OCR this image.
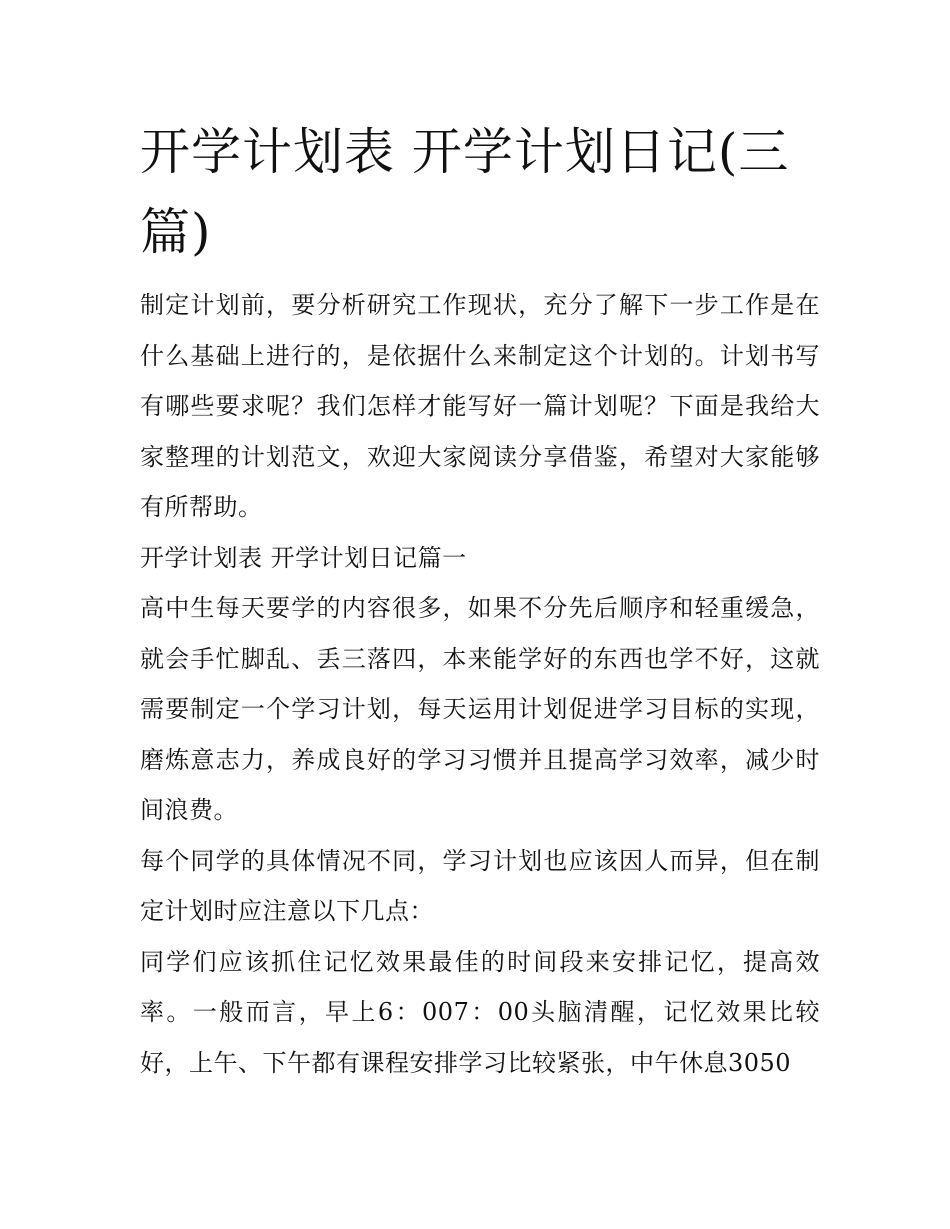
开学计划表 开学计划日记(三篇)

制定计划前，要分析研究工作现状，充分了解下一步工作是在什么基础上进行的，是依据什么来制定这个计划的。计划书写有哪些要求呢？我们怎样才能写好一篇计划呢？下面是我给大家整理的计划范文，欢迎大家阅读分享借鉴，希望对大家能够有所帮助。

开学计划表 开学计划日记篇一

高中生每天要学的内容很多，如果不分先后顺序和轻重缓急，就会手忙脚乱、丢三落四，本来能学好的东西也学不好，这就需要制定一个学习计划，每天运用计划促进学习目标的实现，磨炼意志力，养成良好的学习习惯并且提高学习效率，减少时间浪费。

每个同学的具体情况不同，学习计划也应该因人而异，但在制定计划时应注意以下几点：

同学们应该抓住记忆效果最佳的时间段来安排记忆，提高效率。一般而言，早上6：007：00头脑清醒，记忆效果比较好，上午、下午都有课程安排学习比较紧张，中午休息3050
